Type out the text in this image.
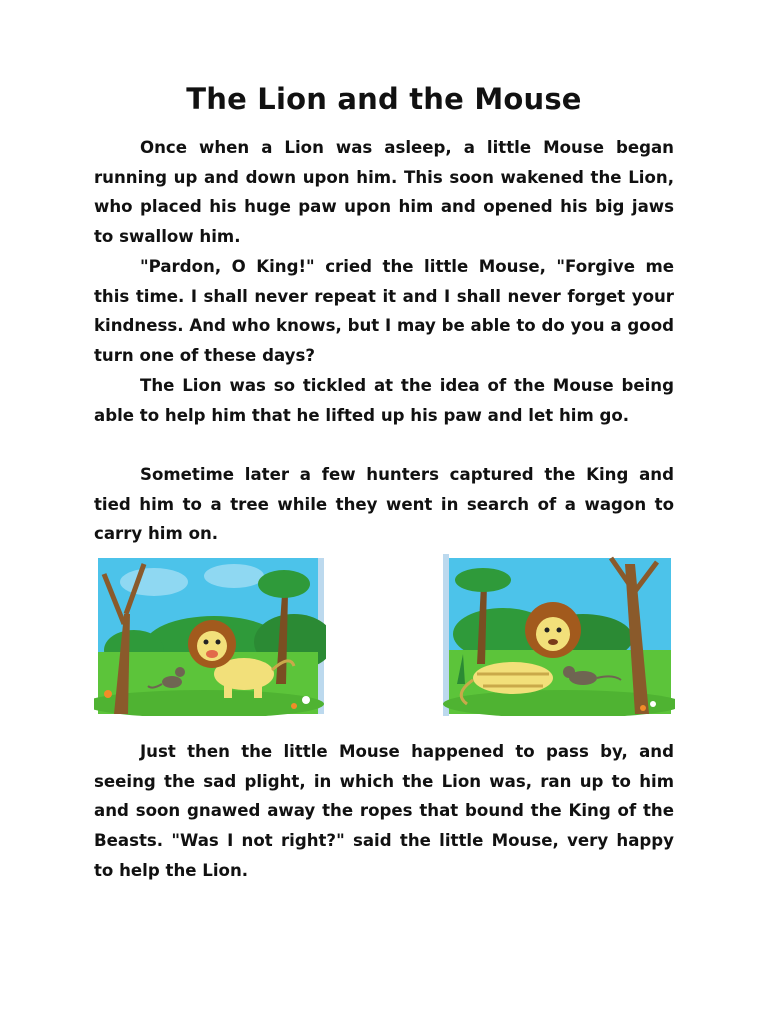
The Lion and the Mouse

Once when a Lion was asleep, a little Mouse began running up and down upon him. This soon wakened the Lion, who placed his huge paw upon him and opened his big jaws to swallow him.

"Pardon, O King!" cried the little Mouse, "Forgive me this time. I shall never repeat it and I shall never forget your kindness. And who knows, but I may be able to do you a good turn one of these days?

The Lion was so tickled at the idea of the Mouse being able to help him that he lifted up his paw and let him go.

Sometime later a few hunters captured the King and tied him to a tree while they went in search of a wagon to carry him on.

Just then the little Mouse happened to pass by, and seeing the sad plight, in which the Lion was, ran up to him and soon gnawed away the ropes that bound the King of the Beasts. "Was I not right?" said the little Mouse, very happy to help the Lion.
